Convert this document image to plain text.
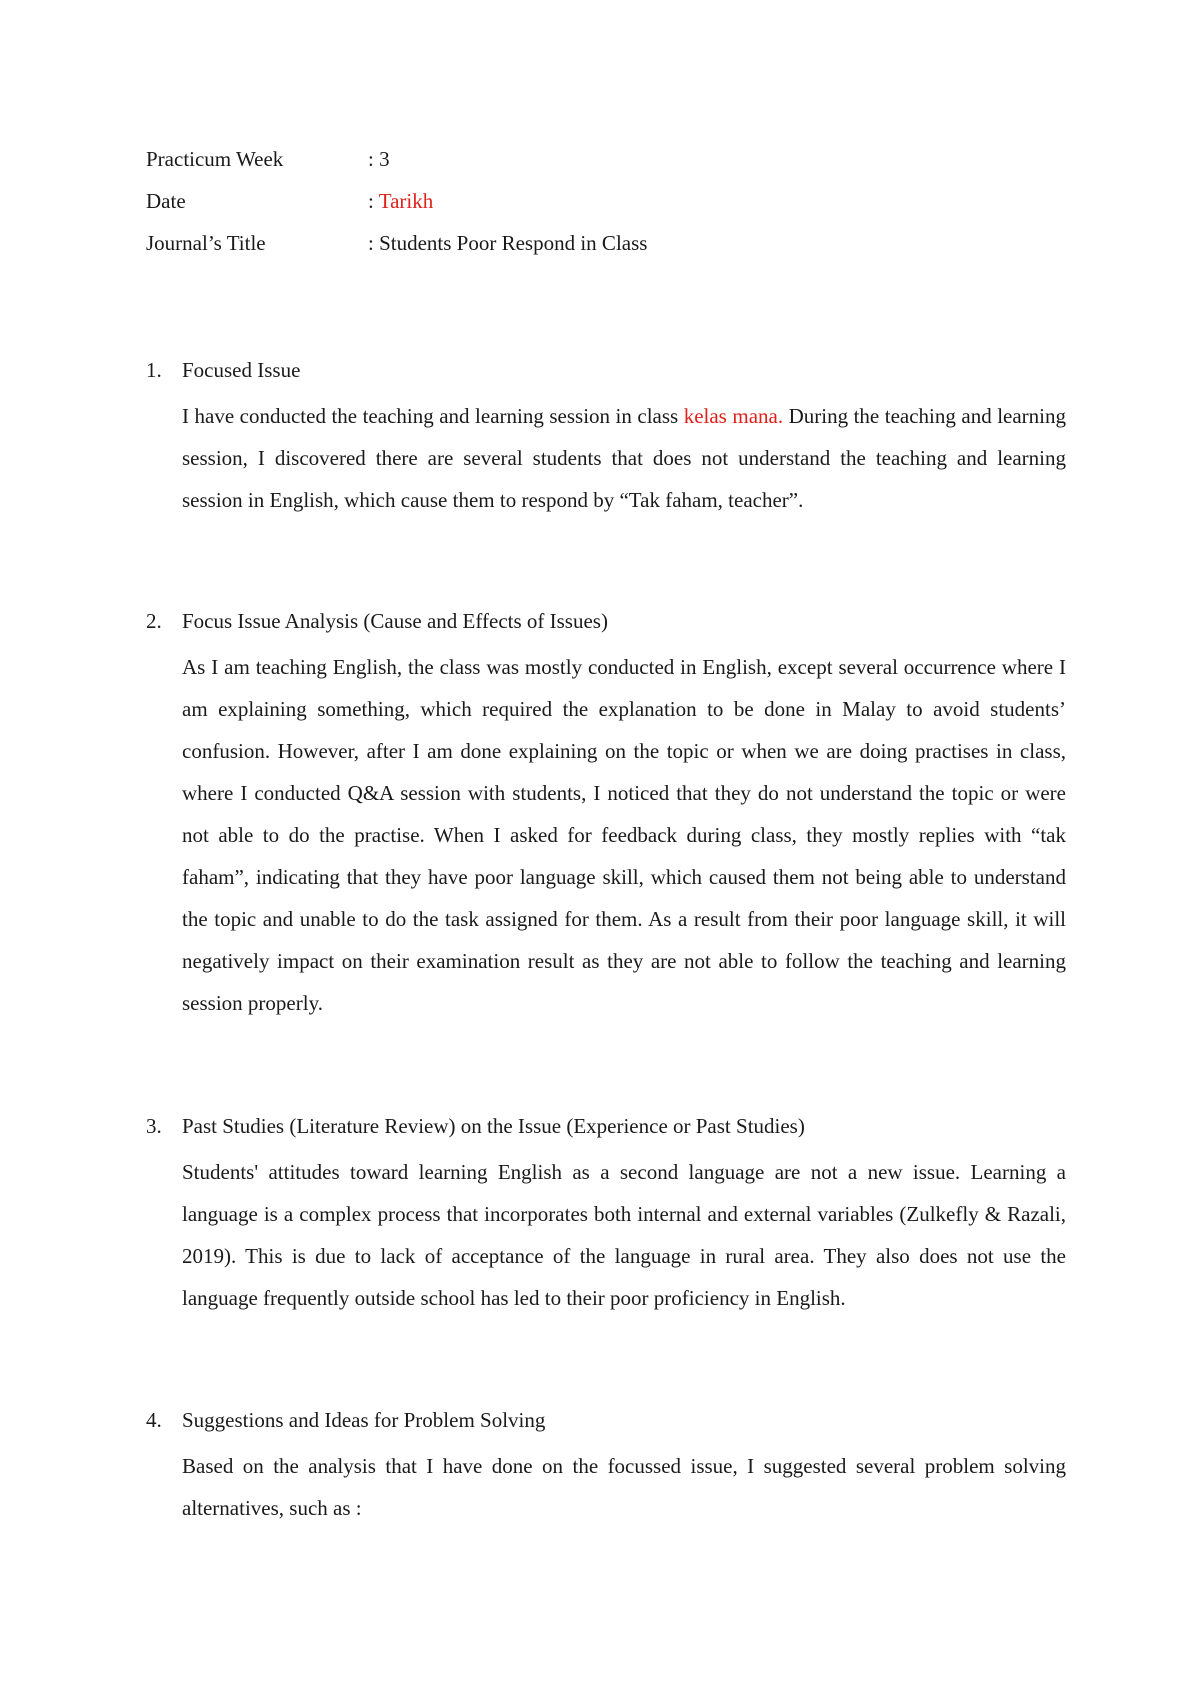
Practicum Week	: 3
Date	: Tarikh
Journal’s Title	: Students Poor Respond in Class
1. Focused Issue

I have conducted the teaching and learning session in class kelas mana. During the teaching and learning session, I discovered there are several students that does not understand the teaching and learning session in English, which cause them to respond by “Tak faham, teacher”.

2. Focus Issue Analysis (Cause and Effects of Issues)

As I am teaching English, the class was mostly conducted in English, except several occurrence where I am explaining something, which required the explanation to be done in Malay to avoid students’ confusion. However, after I am done explaining on the topic or when we are doing practises in class, where I conducted Q&A session with students, I noticed that they do not understand the topic or were not able to do the practise. When I asked for feedback during class, they mostly replies with “tak faham”, indicating that they have poor language skill, which caused them not being able to understand the topic and unable to do the task assigned for them. As a result from their poor language skill, it will negatively impact on their examination result as they are not able to follow the teaching and learning session properly.

3. Past Studies (Literature Review) on the Issue (Experience or Past Studies)

Students' attitudes toward learning English as a second language are not a new issue. Learning a language is a complex process that incorporates both internal and external variables (Zulkefly & Razali, 2019). This is due to lack of acceptance of the language in rural area. They also does not use the language frequently outside school has led to their poor proficiency in English.

4. Suggestions and Ideas for Problem Solving

Based on the analysis that I have done on the focussed issue, I suggested several problem solving alternatives, such as :
